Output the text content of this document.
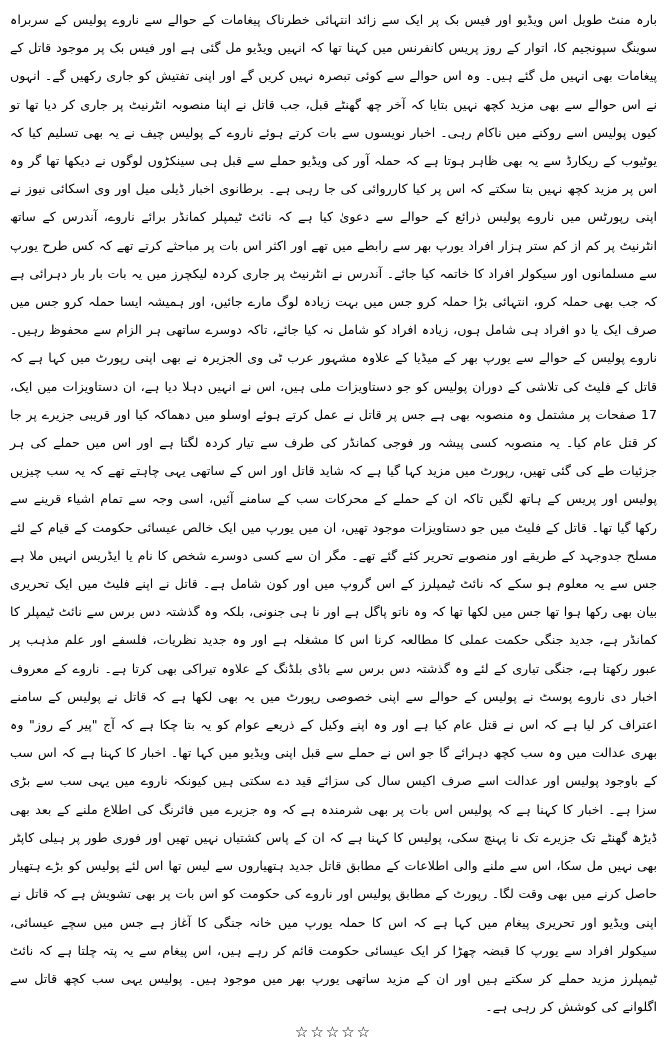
بارہ منٹ طویل اس ویڈیو اور فیس بک پر ایک سے زائد انتہائی خطرناک پیغامات کے حوالے سے ناروے پولیس کے سربراہ سوینگ سپونجیم کا، اتوار کے روز پریس کانفرنس میں کہنا تھا کہ انہیں ویڈیو مل گئی ہے اور فیس بک پر موجود قاتل کے پیغامات بھی انہیں مل گئے ہیں۔ وہ اس حوالے سے کوئی تبصرہ نہیں کریں گے اور اپنی تفتیش کو جاری رکھیں گے۔ انہوں نے اس حوالے سے بھی مزید کچھ نہیں بتایا کہ آخر چھ گھنٹے قبل، جب قاتل نے اپنا منصوبہ انٹرنیٹ پر جاری کر دیا تھا تو کیوں پولیس اسے روکنے میں ناکام رہی۔ اخبار نویسوں سے بات کرتے ہوئے ناروے کے پولیس چیف نے یہ بھی تسلیم کیا کہ یوٹیوب کے ریکارڈ سے یہ بھی ظاہر ہوتا ہے کہ حملہ آور کی ویڈیو حملے سے قبل ہی سینکڑوں لوگوں نے دیکھا تھا گر وہ اس پر مزید کچھ نہیں بتا سکتے کہ اس پر کیا کارروائی کی جا رہی ہے۔ برطانوی اخبار ڈیلی میل اور وی اسکائی نیوز نے اپنی رپورٹس میں ناروے پولیس ذرائع کے حوالے سے دعویٰ کیا ہے کہ نائٹ ٹیمپلر کمانڈر برائے ناروے، آندرس کے ساتھ انٹرنیٹ پر کم از کم ستر ہزار افراد یورپ بھر سے رابطے میں تھے اور اکثر اس بات پر مباحثے کرتے تھے کہ کس طرح یورپ سے مسلمانوں اور سیکولر افراد کا خاتمہ کیا جائے۔ آندرس نے انٹرنیٹ پر جاری کردہ لیکچرز میں یہ بات بار بار دہرائی ہے کہ جب بھی حملہ کرو، انتہائی بڑا حملہ کرو جس میں بہت زیادہ لوگ مارے جائیں، اور ہمیشہ ایسا حملہ کرو جس میں صرف ایک یا دو افراد ہی شامل ہوں، زیادہ افراد کو شامل نہ کیا جائے، تاکہ دوسرے ساتھی ہر الزام سے محفوظ رہیں۔ ناروے پولیس کے حوالے سے یورپ بھر کے میڈیا کے علاوہ مشہور عرب ٹی وی الجزیرہ نے بھی اپنی رپورٹ میں کہا ہے کہ قاتل کے فلیٹ کی تلاشی کے دوران پولیس کو جو دستاویزات ملی ہیں، اس نے انہیں دہلا دیا ہے، ان دستاویزات میں ایک، 17 صفحات پر مشتمل وہ منصوبہ بھی ہے جس پر قاتل نے عمل کرتے ہوئے اوسلو میں دھماکہ کیا اور قریبی جزیرے پر جا کر قتل عام کیا۔ یہ منصوبہ کسی پیشہ ور فوجی کمانڈر کی طرف سے تیار کردہ لگتا ہے اور اس میں حملے کی ہر جزئیات طے کی گئی تھیں، رپورٹ میں مزید کہا گیا ہے کہ شاید قاتل اور اس کے ساتھی یہی چاہتے تھے کہ یہ سب چیزیں پولیس اور پریس کے ہاتھ لگیں تاکہ ان کے حملے کے محرکات سب کے سامنے آئیں، اسی وجہ سے تمام اشیاء قرینے سے رکھا گیا تھا۔ قاتل کے فلیٹ میں جو دستاویزات موجود تھیں، ان میں یورپ میں ایک خالص عیسائی حکومت کے قیام کے لئے مسلح جدوجہد کے طریقے اور منصوبے تحریر کئے گئے تھے۔ مگر ان سے کسی دوسرے شخص کا نام یا ایڈریس انہیں ملا ہے جس سے یہ معلوم ہو سکے کہ نائٹ ٹیمپلرز کے اس گروپ میں اور کون شامل ہے۔ قاتل نے اپنے فلیٹ میں ایک تحریری بیان بھی رکھا ہوا تھا جس میں لکھا تھا کہ وہ ناتو پاگل ہے اور نا ہی جنونی، بلکہ وہ گذشتہ دس برس سے نائٹ ٹیمپلر کا کمانڈر ہے، جدید جنگی حکمت عملی کا مطالعہ کرنا اس کا مشغلہ ہے اور وہ جدید نظریات، فلسفے اور علم مذہب پر عبور رکھتا ہے، جنگی تیاری کے لئے وہ گذشتہ دس برس سے باڈی بلڈنگ کے علاوہ تیراکی بھی کرتا ہے۔ ناروے کے معروف اخبار دی ناروے پوسٹ نے پولیس کے حوالے سے اپنی خصوصی رپورٹ میں یہ بھی لکھا ہے کہ قاتل نے پولیس کے سامنے اعتراف کر لیا ہے کہ اس نے قتل عام کیا ہے اور وہ اپنے وکیل کے ذریعے عوام کو یہ بتا چکا ہے کہ آج "پیر کے روز" وہ بھری عدالت میں وہ سب کچھ دہرائے گا جو اس نے حملے سے قبل اپنی ویڈیو میں کہا تھا۔ اخبار کا کہنا ہے کہ اس سب کے باوجود پولیس اور عدالت اسے صرف اکیس سال کی سزائے قید دے سکتی ہیں کیونکہ ناروے میں یہی سب سے بڑی سزا ہے۔ اخبار کا کہنا ہے کہ پولیس اس بات پر بھی شرمندہ ہے کہ وہ جزیرے میں فائرنگ کی اطلاع ملنے کے بعد بھی ڈیڑھ گھنٹے تک جزیرے تک نا پہنچ سکی، پولیس کا کہنا ہے کہ ان کے پاس کشتیاں نہیں تھیں اور فوری طور پر ہیلی کاپٹر بھی نہیں مل سکا، اس سے ملنے والی اطلاعات کے مطابق قاتل جدید ہتھیاروں سے لیس تھا اس لئے پولیس کو بڑے ہتھیار حاصل کرنے میں بھی وقت لگا۔ رپورٹ کے مطابق پولیس اور ناروے کی حکومت کو اس بات پر بھی تشویش ہے کہ قاتل نے اپنی ویڈیو اور تحریری پیغام میں کہا ہے کہ اس کا حملہ یورپ میں خانہ جنگی کا آغاز ہے جس میں سچے عیسائی، سیکولر افراد سے یورپ کا قبضہ چھڑا کر ایک عیسائی حکومت قائم کر رہے ہیں، اس پیغام سے یہ پتہ چلتا ہے کہ نائٹ ٹیمپلرز مزید حملے کر سکتے ہیں اور ان کے مزید ساتھی یورپ بھر میں موجود ہیں۔ پولیس یہی سب کچھ قاتل سے اگلوانے کی کوشش کر رہی ہے۔

☆☆☆☆☆
